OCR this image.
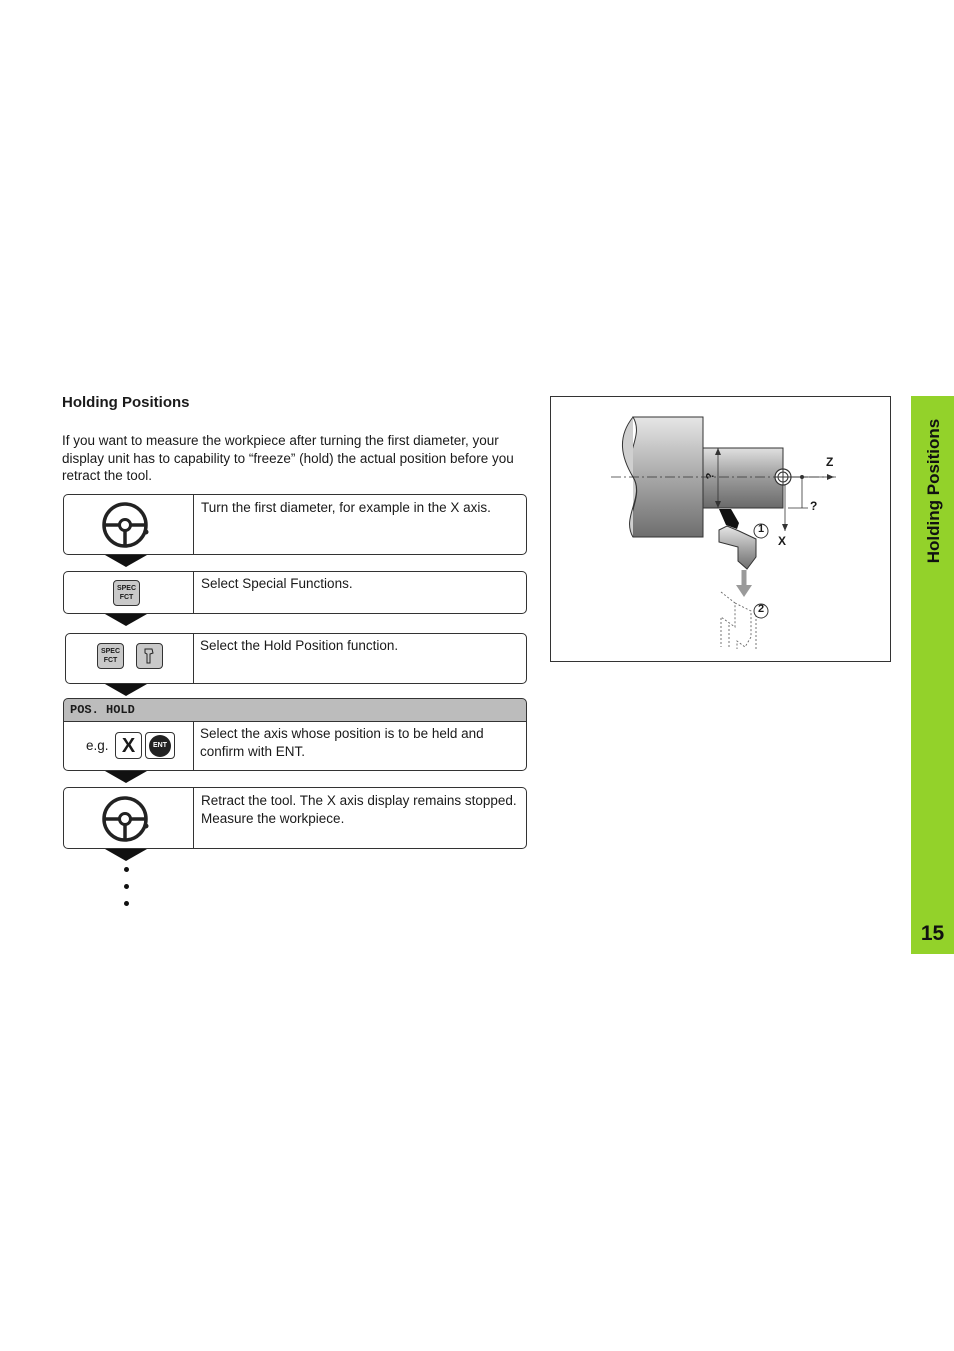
Holding Positions
If you want to measure the workpiece after turning the first diameter, your display unit has to capability to “freeze” (hold) the actual position before you retract the tool.
Turn the first diameter, for example in the X axis.
SPEC
FCT
Select Special Functions.
SPEC
FCT
Select the Hold Position function.
POS. HOLD
e.g. X	ENT
Select the axis whose position is to be held and confirm with ENT.
Retract the tool. The X axis display remains stopped. Measure the workpiece.
Z
X
?
?
1
2
Holding Positions
15
